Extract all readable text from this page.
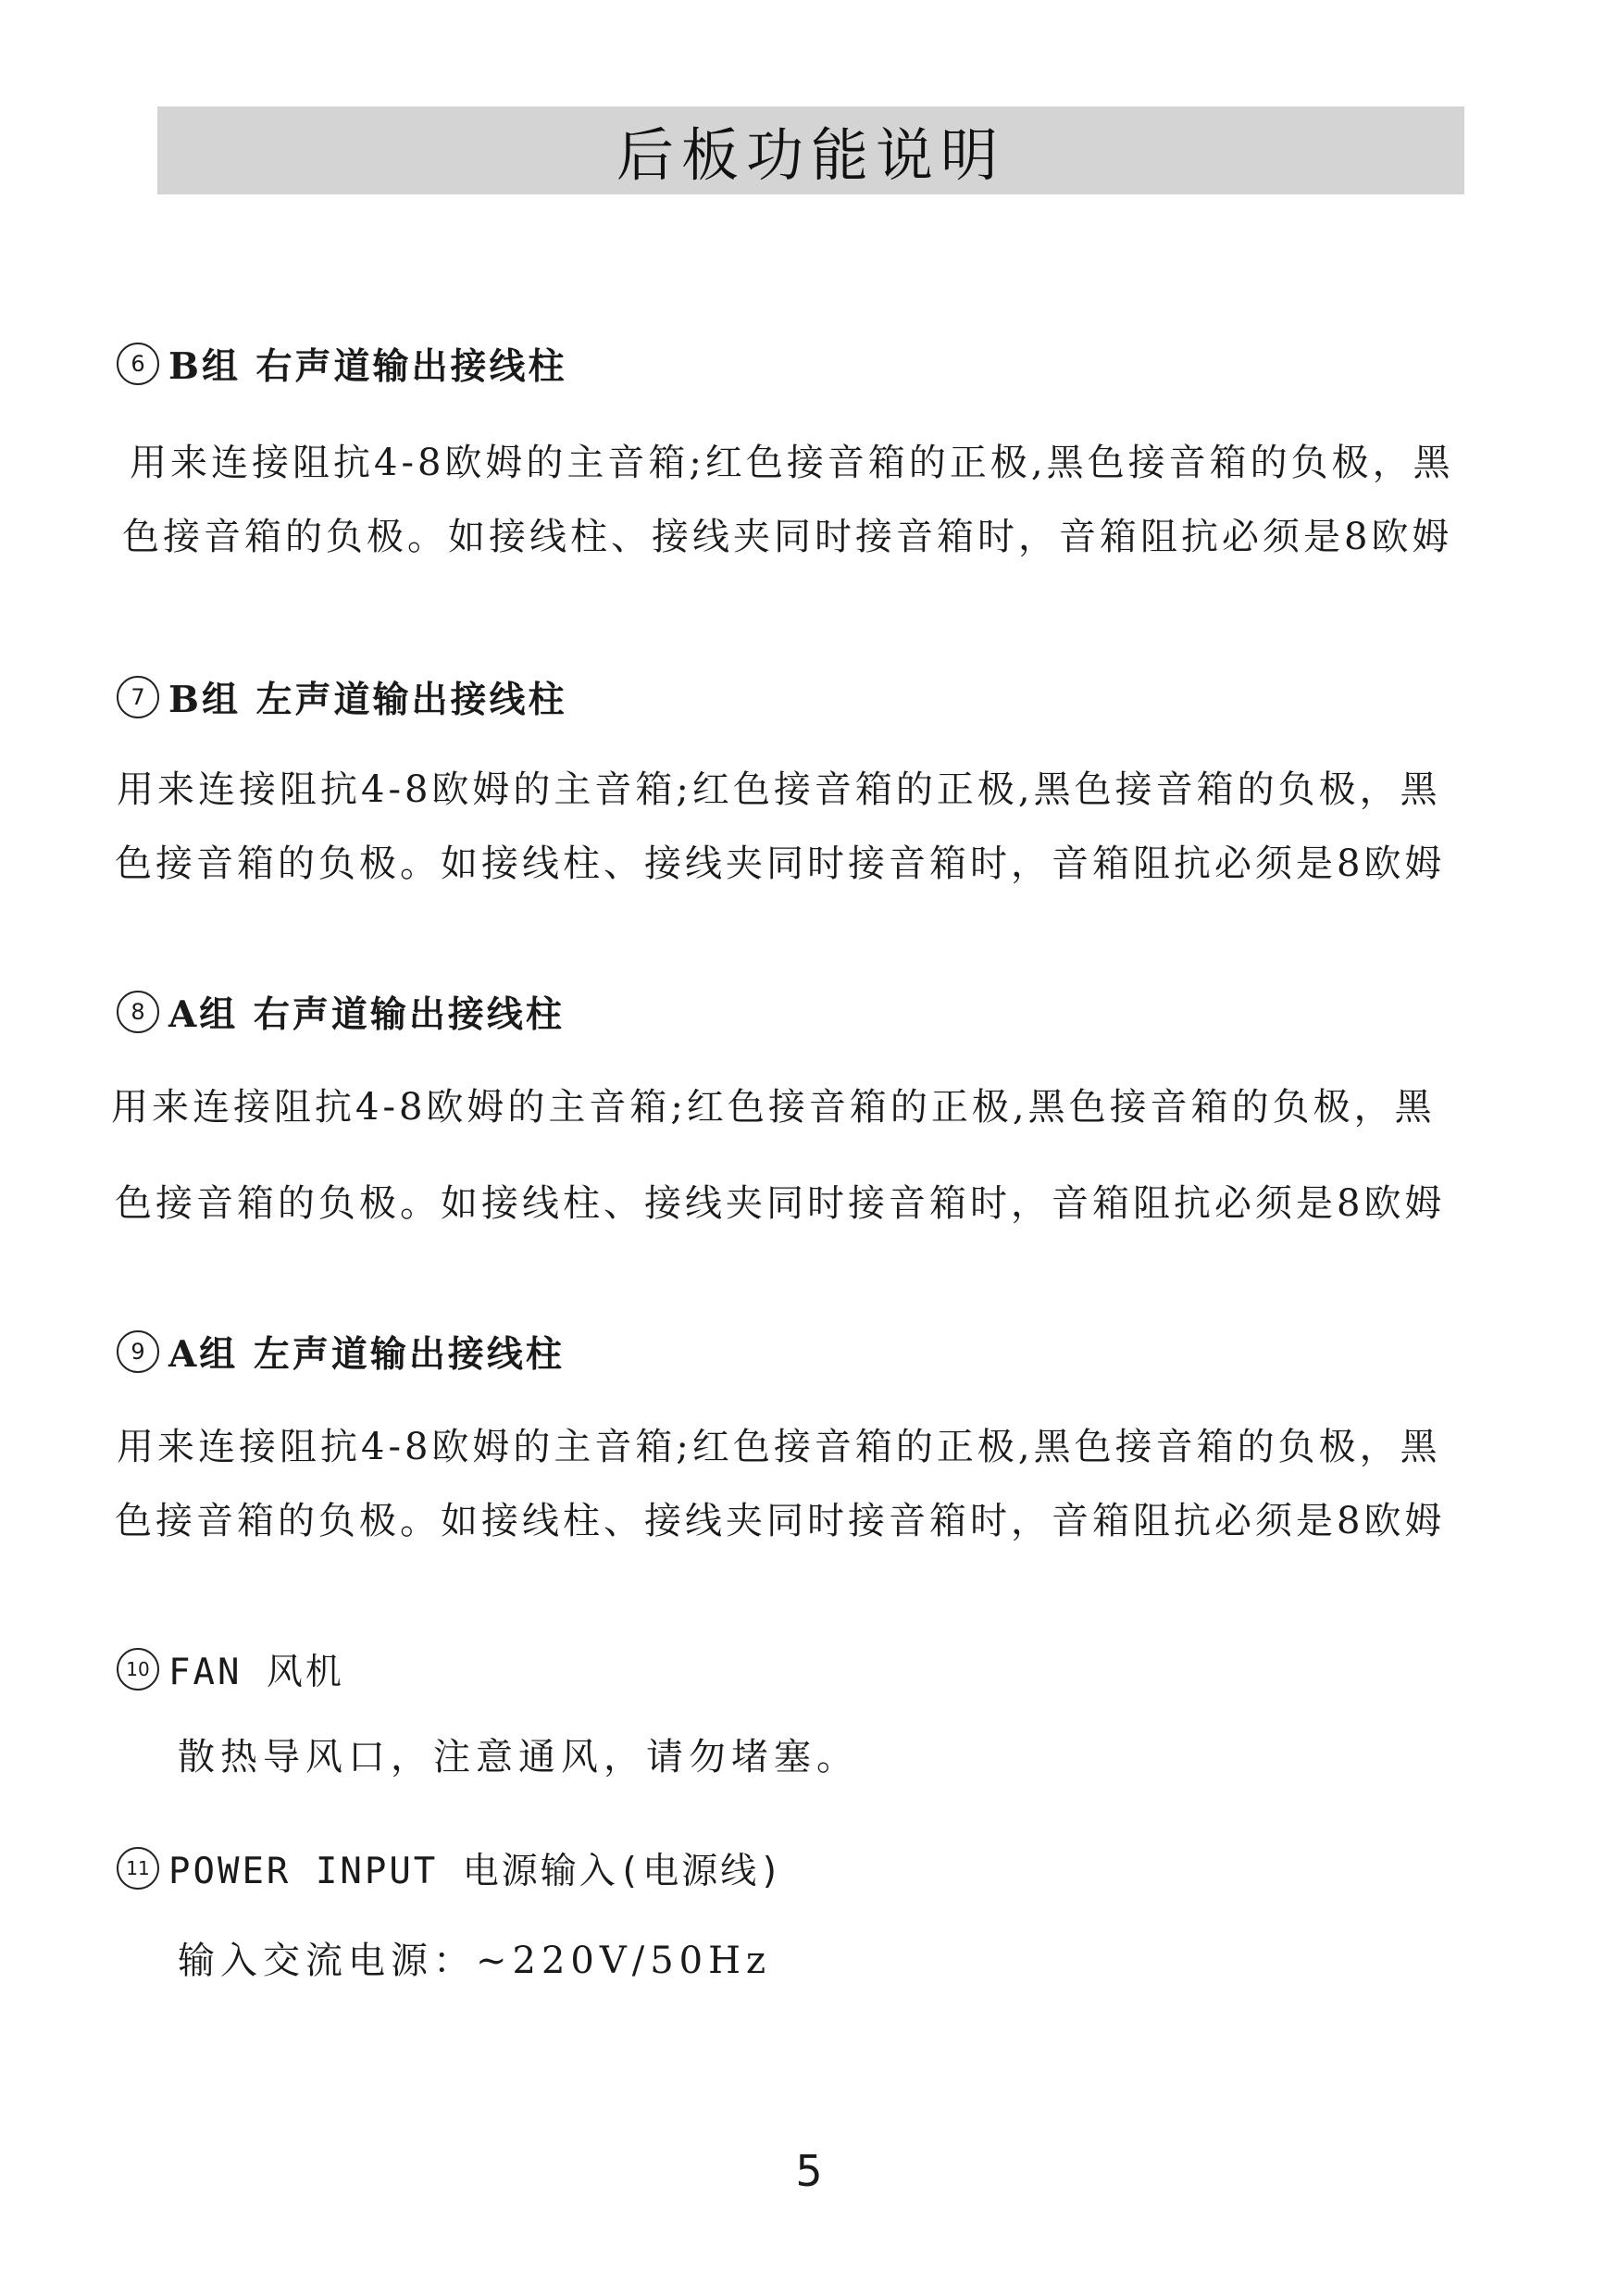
后板功能说明
6 B组 右声道输出接线柱
用来连接阻抗4-8欧姆的主音箱;红色接音箱的正极,黑色接音箱的负极，黑
色接音箱的负极。如接线柱、接线夹同时接音箱时，音箱阻抗必须是8欧姆
7 B组 左声道输出接线柱
用来连接阻抗4-8欧姆的主音箱;红色接音箱的正极,黑色接音箱的负极，黑
色接音箱的负极。如接线柱、接线夹同时接音箱时，音箱阻抗必须是8欧姆
8 A组 右声道输出接线柱
用来连接阻抗4-8欧姆的主音箱;红色接音箱的正极,黑色接音箱的负极，黑
色接音箱的负极。如接线柱、接线夹同时接音箱时，音箱阻抗必须是8欧姆
9 A组 左声道输出接线柱
用来连接阻抗4-8欧姆的主音箱;红色接音箱的正极,黑色接音箱的负极，黑
色接音箱的负极。如接线柱、接线夹同时接音箱时，音箱阻抗必须是8欧姆
10 FAN 风机
散热导风口，注意通风，请勿堵塞。
11 POWER INPUT 电源输入(电源线)
输入交流电源：~220V/50Hz
5
